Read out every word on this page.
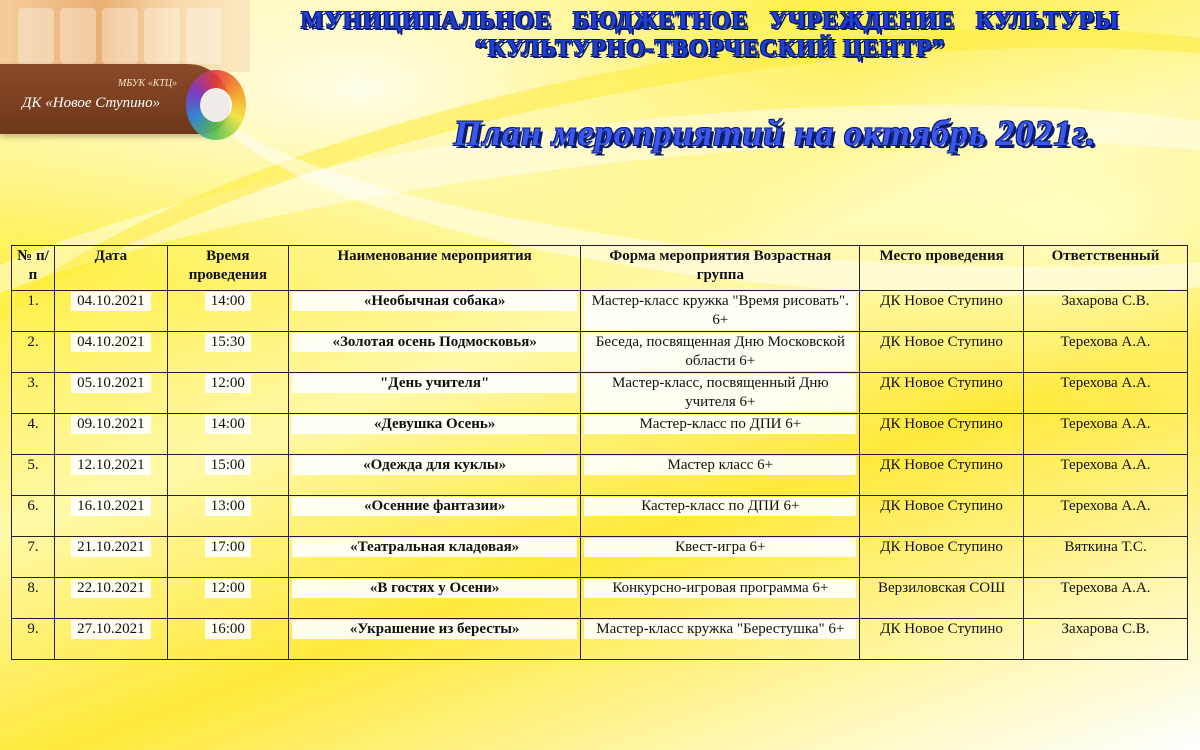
МБУК «КТЦ»
ДК «Новое Ступино»
МУНИЦИПАЛЬНОЕ БЮДЖЕТНОЕ УЧРЕЖДЕНИЕ КУЛЬТУРЫ
“КУЛЬТУРНО-ТВОРЧЕСКИЙ ЦЕНТР”
План мероприятий на октябрь 2021г.
№ п/п	Дата	Время проведения	Наименование мероприятия	Форма мероприятия Возрастная группа	Место проведения	Ответственный
1.	04.10.2021	14:00	«Необычная собака»	Мастер-класс кружка "Время рисовать". 6+	ДК Новое Ступино	Захарова С.В.
2.	04.10.2021	15:30	«Золотая осень Подмосковья»	Беседа, посвященная Дню Московской области 6+	ДК Новое Ступино	Терехова А.А.
3.	05.10.2021	12:00	"День учителя"	Мастер-класс, посвященный Дню учителя 6+	ДК Новое Ступино	Терехова А.А.
4.	09.10.2021	14:00	«Девушка Осень»	Мастер-класс по ДПИ 6+	ДК Новое Ступино	Терехова А.А.
5.	12.10.2021	15:00	«Одежда для куклы»	Мастер класс 6+	ДК Новое Ступино	Терехова А.А.
6.	16.10.2021	13:00	«Осенние фантазии»	Кастер-класс по ДПИ 6+	ДК Новое Ступино	Терехова А.А.
7.	21.10.2021	17:00	«Театральная кладовая»	Квест-игра 6+	ДК Новое Ступино	Вяткина Т.С.
8.	22.10.2021	12:00	«В гостях у Осени»	Конкурсно-игровая программа 6+	Верзиловская СОШ	Терехова А.А.
9.	27.10.2021	16:00	«Украшение из бересты»	Мастер-класс кружка "Берестушка" 6+	ДК Новое Ступино	Захарова С.В.
